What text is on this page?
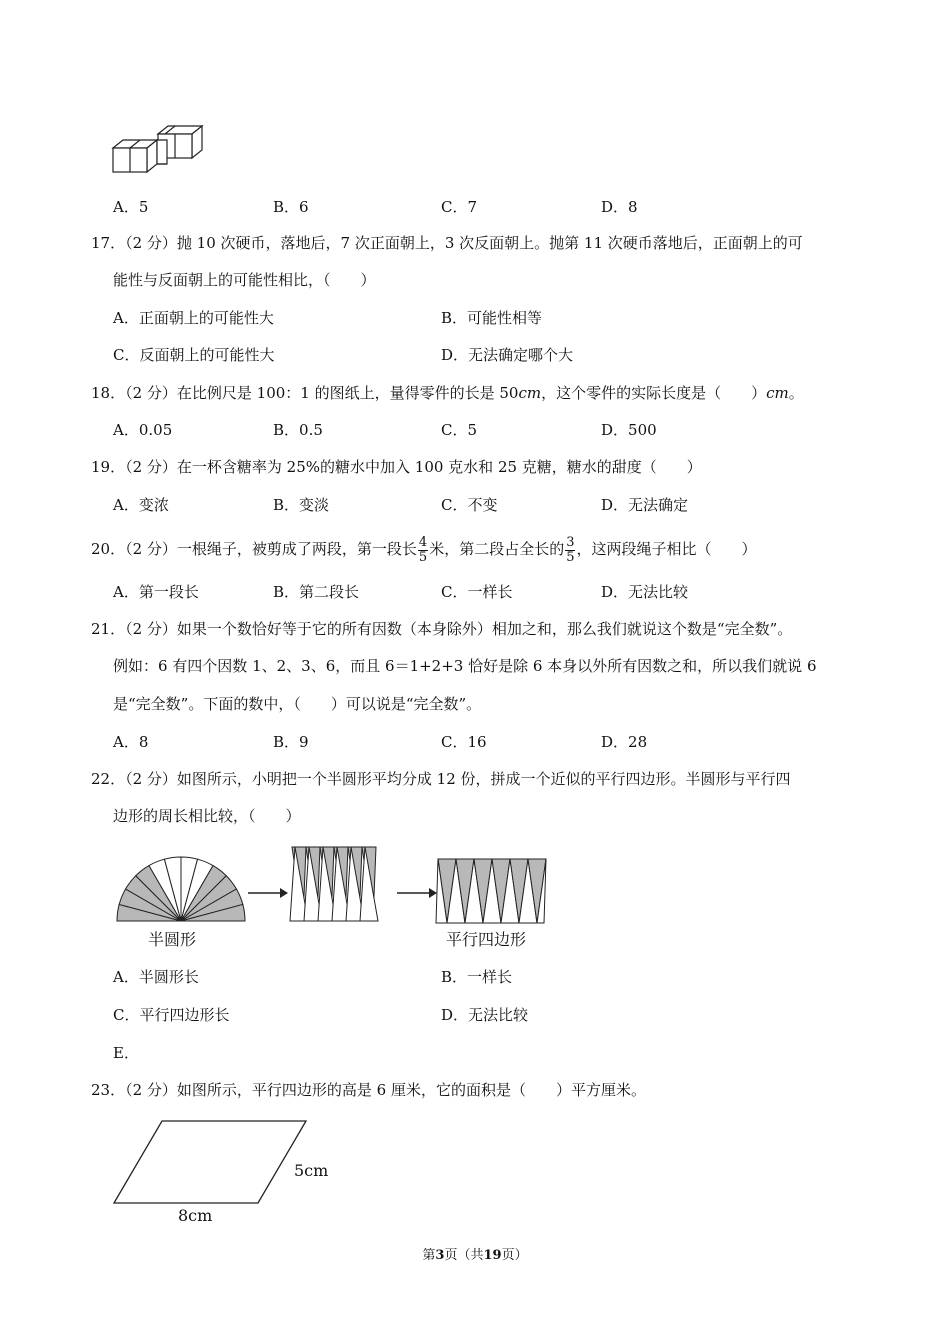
A．5	B．6	C．7	D．8
17．（2 分）抛 10 次硬币，落地后，7 次正面朝上，3 次反面朝上。抛第 11 次硬币落地后，正面朝上的可
能性与反面朝上的可能性相比，（　　）
A．正面朝上的可能性大	B．可能性相等
C．反面朝上的可能性大	D．无法确定哪个大
18．（2 分）在比例尺是 100：1 的图纸上，量得零件的长是 50cm，这个零件的实际长度是（　　）cm。
A．0.05	B．0.5	C．5	D．500
19．（2 分）在一杯含糖率为 25%的糖水中加入 100 克水和 25 克糖，糖水的甜度（　　）
A．变浓	B．变淡	C．不变	D．无法确定
20．（2 分）一根绳子，被剪成了两段，第一段长 $\frac{4}{5}$ 米，第二段占全长的 $\frac{3}{5}$ ，这两段绳子相比（　　）
A．第一段长	B．第二段长	C．一样长	D．无法比较
21．（2 分）如果一个数恰好等于它的所有因数（本身除外）相加之和，那么我们就说这个数是“完全数”。
例如：6 有四个因数 1、2、3、6，而且 6＝1+2+3 恰好是除 6 本身以外所有因数之和，所以我们就说 6
是“完全数”。下面的数中，（　　）可以说是“完全数”。
A．8	B．9	C．16	D．28
22．（2 分）如图所示，小明把一个半圆形平均分成 12 份，拼成一个近似的平行四边形。半圆形与平行四
边形的周长相比较，（　　）
半圆形	平行四边形
A．半圆形长	B．一样长
C．平行四边形长	D．无法比较
E．
23．（2 分）如图所示，平行四边形的高是 6 厘米，它的面积是（　　）平方厘米。
5cm
8cm
第3页（共19页）
